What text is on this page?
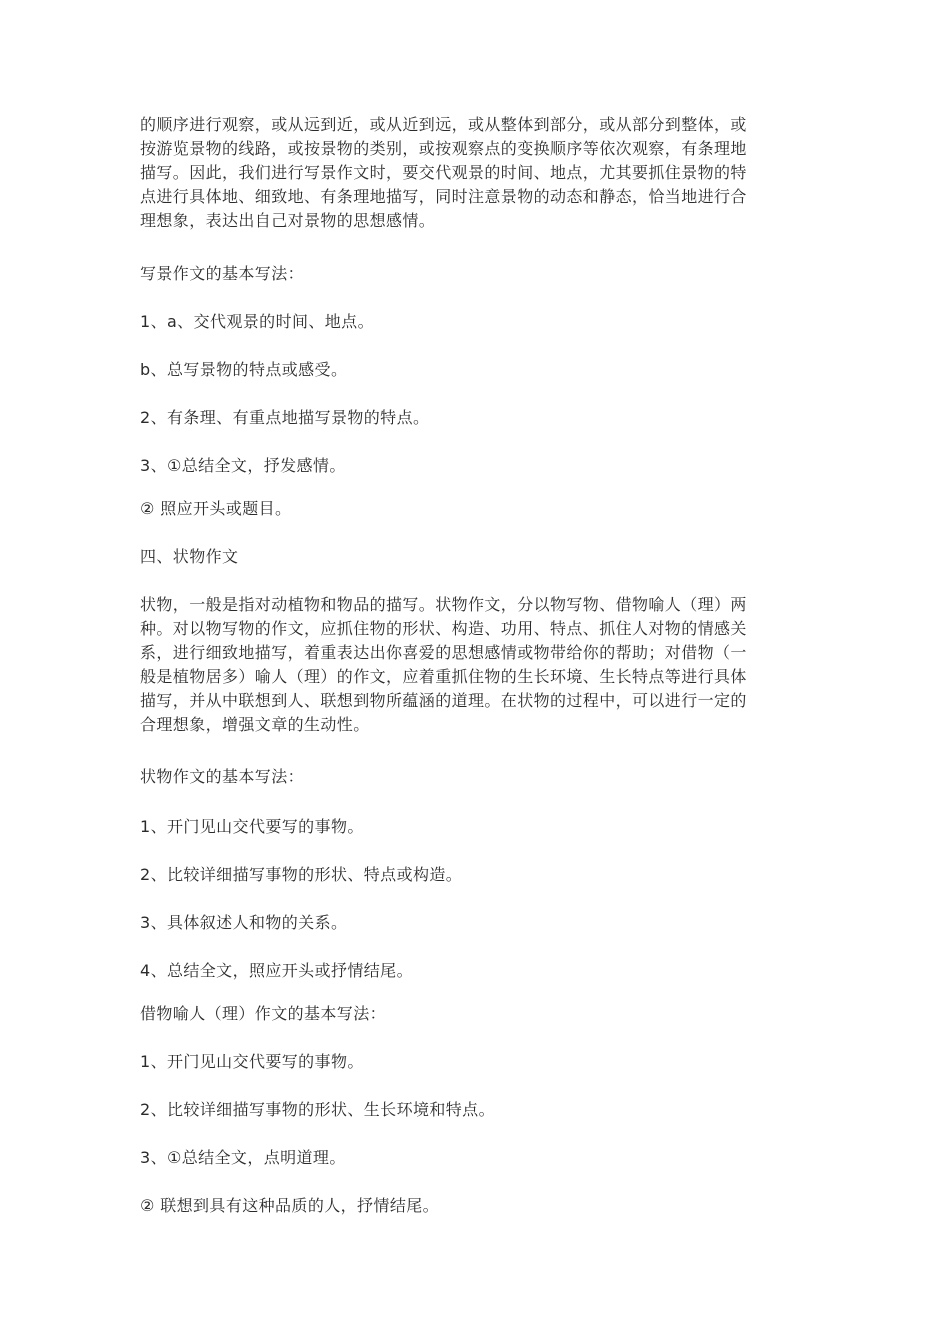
的顺序进行观察，或从远到近，或从近到远，或从整体到部分，或从部分到整体，或
按游览景物的线路，或按景物的类别，或按观察点的变换顺序等依次观察，有条理地
描写。因此，我们进行写景作文时，要交代观景的时间、地点，尤其要抓住景物的特
点进行具体地、细致地、有条理地描写，同时注意景物的动态和静态，恰当地进行合
理想象，表达出自己对景物的思想感情。
写景作文的基本写法：
1、a、交代观景的时间、地点。
b、总写景物的特点或感受。
2、有条理、有重点地描写景物的特点。
3、①总结全文，抒发感情。
② 照应开头或题目。
四、状物作文
状物，一般是指对动植物和物品的描写。状物作文，分以物写物、借物喻人（理）两
种。对以物写物的作文，应抓住物的形状、构造、功用、特点、抓住人对物的情感关
系，进行细致地描写，着重表达出你喜爱的思想感情或物带给你的帮助；对借物（一
般是植物居多）喻人（理）的作文，应着重抓住物的生长环境、生长特点等进行具体
描写，并从中联想到人、联想到物所蕴涵的道理。在状物的过程中，可以进行一定的
合理想象，增强文章的生动性。
状物作文的基本写法：
1、开门见山交代要写的事物。
2、比较详细描写事物的形状、特点或构造。
3、具体叙述人和物的关系。
4、总结全文，照应开头或抒情结尾。
借物喻人（理）作文的基本写法：
1、开门见山交代要写的事物。
2、比较详细描写事物的形状、生长环境和特点。
3、①总结全文，点明道理。
② 联想到具有这种品质的人，抒情结尾。
